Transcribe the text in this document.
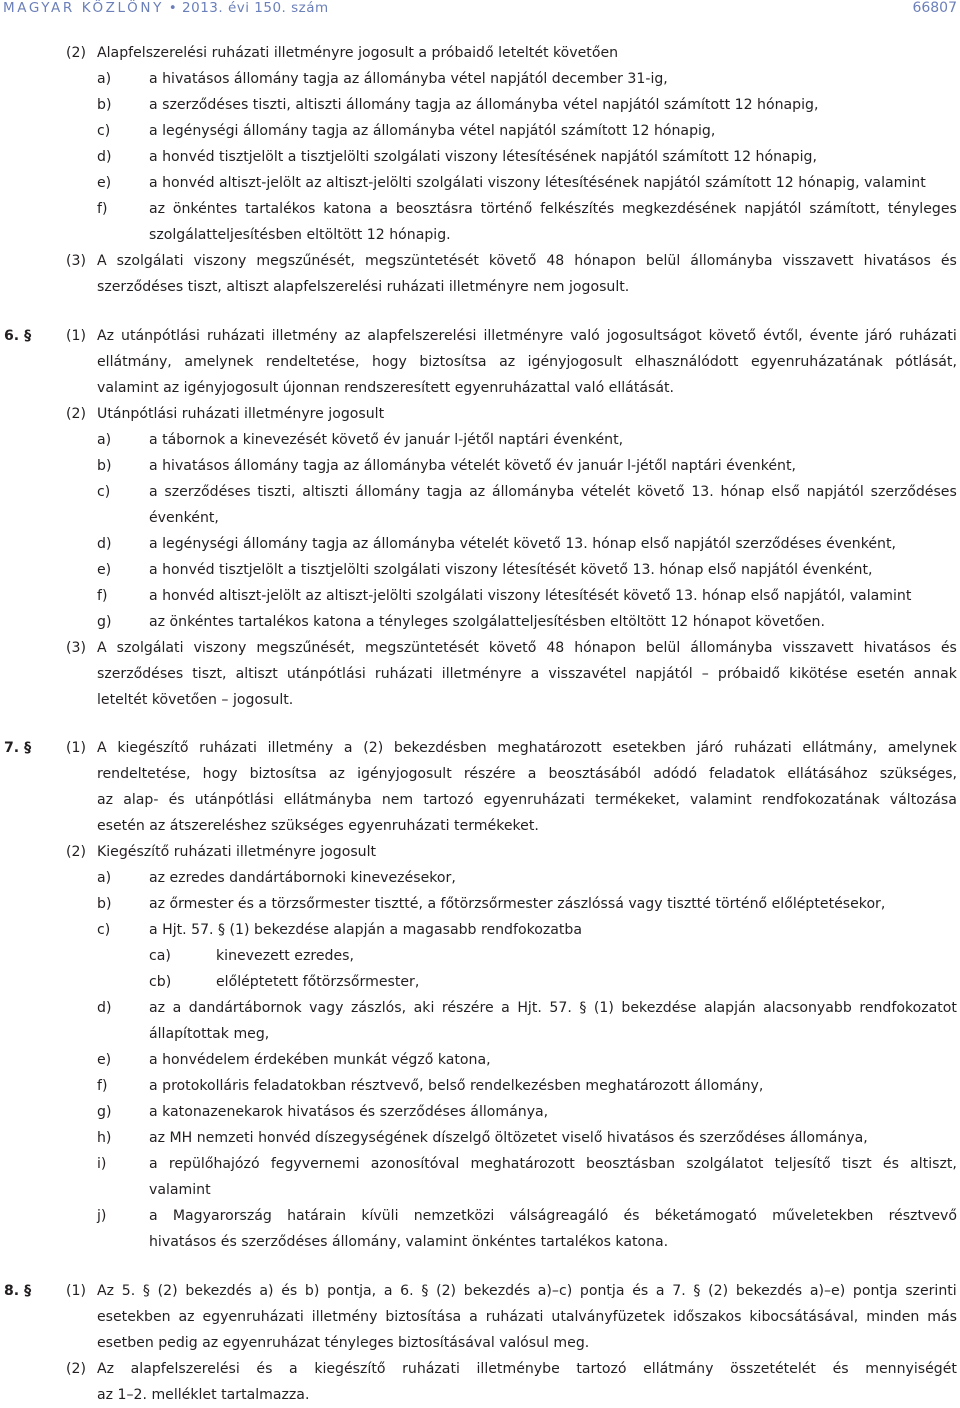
MAGYAR KÖZLÖNY • 2013. évi 150. szám	66807
(2) Alapfelszerelési ruházati illetményre jogosult a próbaidő leteltét követően
a)	a hivatásos állomány tagja az állományba vétel napjától december 31-ig,
b)	a szerződéses tiszti, altiszti állomány tagja az állományba vétel napjától számított 12 hónapig,
c)	a legénységi állomány tagja az állományba vétel napjától számított 12 hónapig,
d)	a honvéd tisztjelölt a tisztjelölti szolgálati viszony létesítésének napjától számított 12 hónapig,
e)	a honvéd altiszt-jelölt az altiszt-jelölti szolgálati viszony létesítésének napjától számított 12 hónapig, valamint
f)	az önkéntes tartalékos katona a beosztásra történő felkészítés megkezdésének napjától számított, tényleges
szolgálatteljesítésben eltöltött 12 hónapig.
(3) A szolgálati viszony megszűnését, megszüntetését követő 48 hónapon belül állományba visszavett hivatásos és
szerződéses tiszt, altiszt alapfelszerelési ruházati illetményre nem jogosult.
6. § (1) Az utánpótlási ruházati illetmény az alapfelszerelési illetményre való jogosultságot követő évtől, évente járó ruházati
ellátmány, amelynek rendeltetése, hogy biztosítsa az igényjogosult elhasználódott egyenruházatának pótlását,
valamint az igényjogosult újonnan rendszeresített egyenruházattal való ellátását.
(2) Utánpótlási ruházati illetményre jogosult
a)	a tábornok a kinevezését követő év január l-jétől naptári évenként,
b)	a hivatásos állomány tagja az állományba vételét követő év január l-jétől naptári évenként,
c)	a szerződéses tiszti, altiszti állomány tagja az állományba vételét követő 13. hónap első napjától szerződéses
évenként,
d)	a legénységi állomány tagja az állományba vételét követő 13. hónap első napjától szerződéses évenként,
e)	a honvéd tisztjelölt a tisztjelölti szolgálati viszony létesítését követő 13. hónap első napjától évenként,
f)	a honvéd altiszt-jelölt az altiszt-jelölti szolgálati viszony létesítését követő 13. hónap első napjától, valamint
g)	az önkéntes tartalékos katona a tényleges szolgálatteljesítésben eltöltött 12 hónapot követően.
(3) A szolgálati viszony megszűnését, megszüntetését követő 48 hónapon belül állományba visszavett hivatásos és
szerződéses tiszt, altiszt utánpótlási ruházati illetményre a visszavétel napjától – próbaidő kikötése esetén annak
leteltét követően – jogosult.
7. § (1) A kiegészítő ruházati illetmény a (2) bekezdésben meghatározott esetekben járó ruházati ellátmány, amelynek
rendeltetése, hogy biztosítsa az igényjogosult részére a beosztásából adódó feladatok ellátásához szükséges,
az alap- és utánpótlási ellátmányba nem tartozó egyenruházati termékeket, valamint rendfokozatának változása
esetén az átszereléshez szükséges egyenruházati termékeket.
(2) Kiegészítő ruházati illetményre jogosult
a)	az ezredes dandártábornoki kinevezésekor,
b)	az őrmester és a törzsőrmester tisztté, a főtörzsőrmester zászlóssá vagy tisztté történő előléptetésekor,
c)	a Hjt. 57. § (1) bekezdése alapján a magasabb rendfokozatba
ca)	kinevezett ezredes,
cb)	előléptetett főtörzsőrmester,
d)	az a dandártábornok vagy zászlós, aki részére a Hjt. 57. § (1) bekezdése alapján alacsonyabb rendfokozatot
állapítottak meg,
e)	a honvédelem érdekében munkát végző katona,
f)	a protokolláris feladatokban résztvevő, belső rendelkezésben meghatározott állomány,
g)	a katonazenekarok hivatásos és szerződéses állománya,
h)	az MH nemzeti honvéd díszegységének díszelgő öltözetet viselő hivatásos és szerződéses állománya,
i)	a repülőhajózó fegyvernemi azonosítóval meghatározott beosztásban szolgálatot teljesítő tiszt és altiszt,
valamint
j)	a Magyarország határain kívüli nemzetközi válságreagáló és béketámogató műveletekben résztvevő
hivatásos és szerződéses állomány, valamint önkéntes tartalékos katona.
8. § (1) Az 5. § (2) bekezdés a) és b) pontja, a 6. § (2) bekezdés a)–c) pontja és a 7. § (2) bekezdés a)–e) pontja szerinti
esetekben az egyenruházati illetmény biztosítása a ruházati utalványfüzetek időszakos kibocsátásával, minden más
esetben pedig az egyenruházat tényleges biztosításával valósul meg.
(2) Az alapfelszerelési és a kiegészítő ruházati illetménybe tartozó ellátmány összetételét és mennyiségét
az 1–2. melléklet tartalmazza.
